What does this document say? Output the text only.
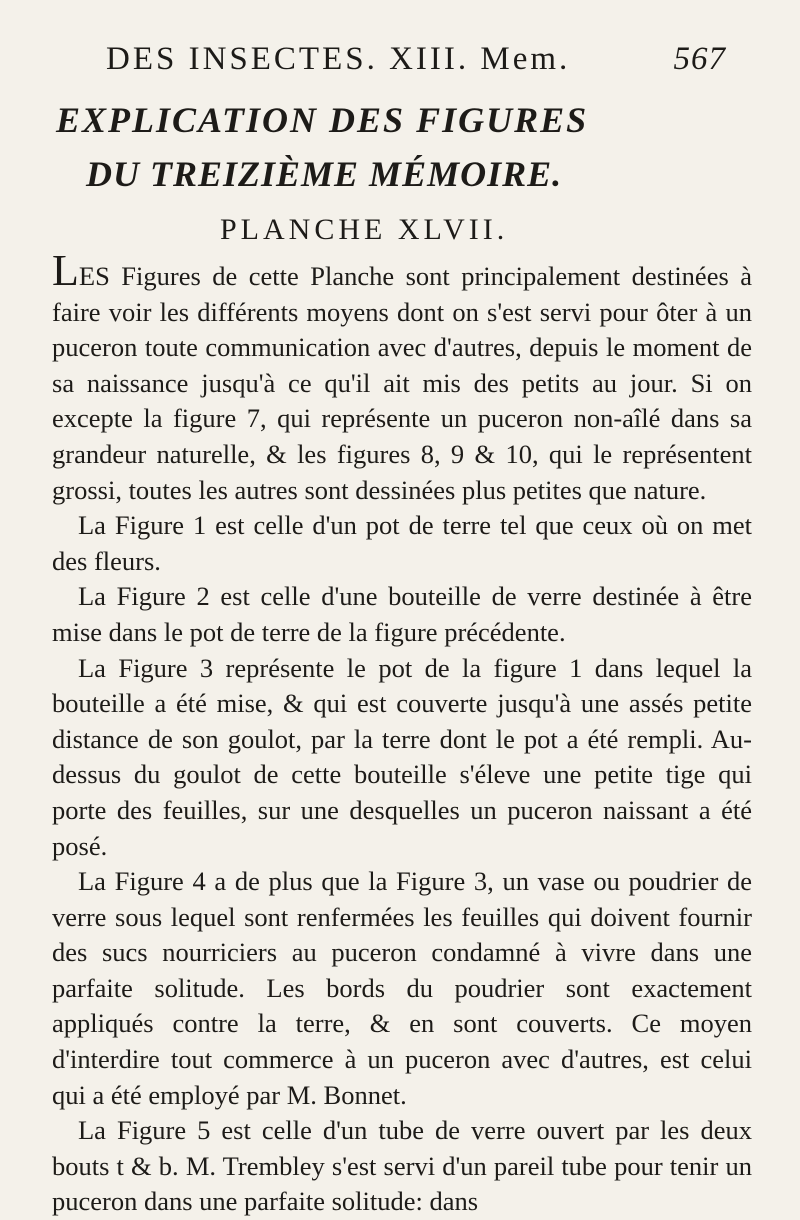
DES INSECTES. XIII. Mem.	567
EXPLICATION DES FIGURES
DU TREIZIÈME MÉMOIRE.
PLANCHE XLVII.

LES Figures de cette Planche sont principalement destinées à faire voir les différents moyens dont on s'est servi pour ôter à un puceron toute communication avec d'autres, depuis le moment de sa naissance jusqu'à ce qu'il ait mis des petits au jour. Si on excepte la figure 7, qui représente un puceron non-aîlé dans sa grandeur naturelle, & les figures 8, 9 & 10, qui le représentent grossi, toutes les autres sont dessinées plus petites que nature.

La Figure 1 est celle d'un pot de terre tel que ceux où on met des fleurs.

La Figure 2 est celle d'une bouteille de verre destinée à être mise dans le pot de terre de la figure précédente.

La Figure 3 représente le pot de la figure 1 dans lequel la bouteille a été mise, & qui est couverte jusqu'à une assés petite distance de son goulot, par la terre dont le pot a été rempli. Au-dessus du goulot de cette bouteille s'éleve une petite tige qui porte des feuilles, sur une desquelles un puceron naissant a été posé.

La Figure 4 a de plus que la Figure 3, un vase ou poudrier de verre sous lequel sont renfermées les feuilles qui doivent fournir des sucs nourriciers au puceron condamné à vivre dans une parfaite solitude. Les bords du poudrier sont exactement appliqués contre la terre, & en sont couverts. Ce moyen d'interdire tout commerce à un puceron avec d'autres, est celui qui a été employé par M. Bonnet.

La Figure 5 est celle d'un tube de verre ouvert par les deux bouts t & b. M. Trembley s'est servi d'un pareil tube pour tenir un puceron dans une parfaite solitude: dans
